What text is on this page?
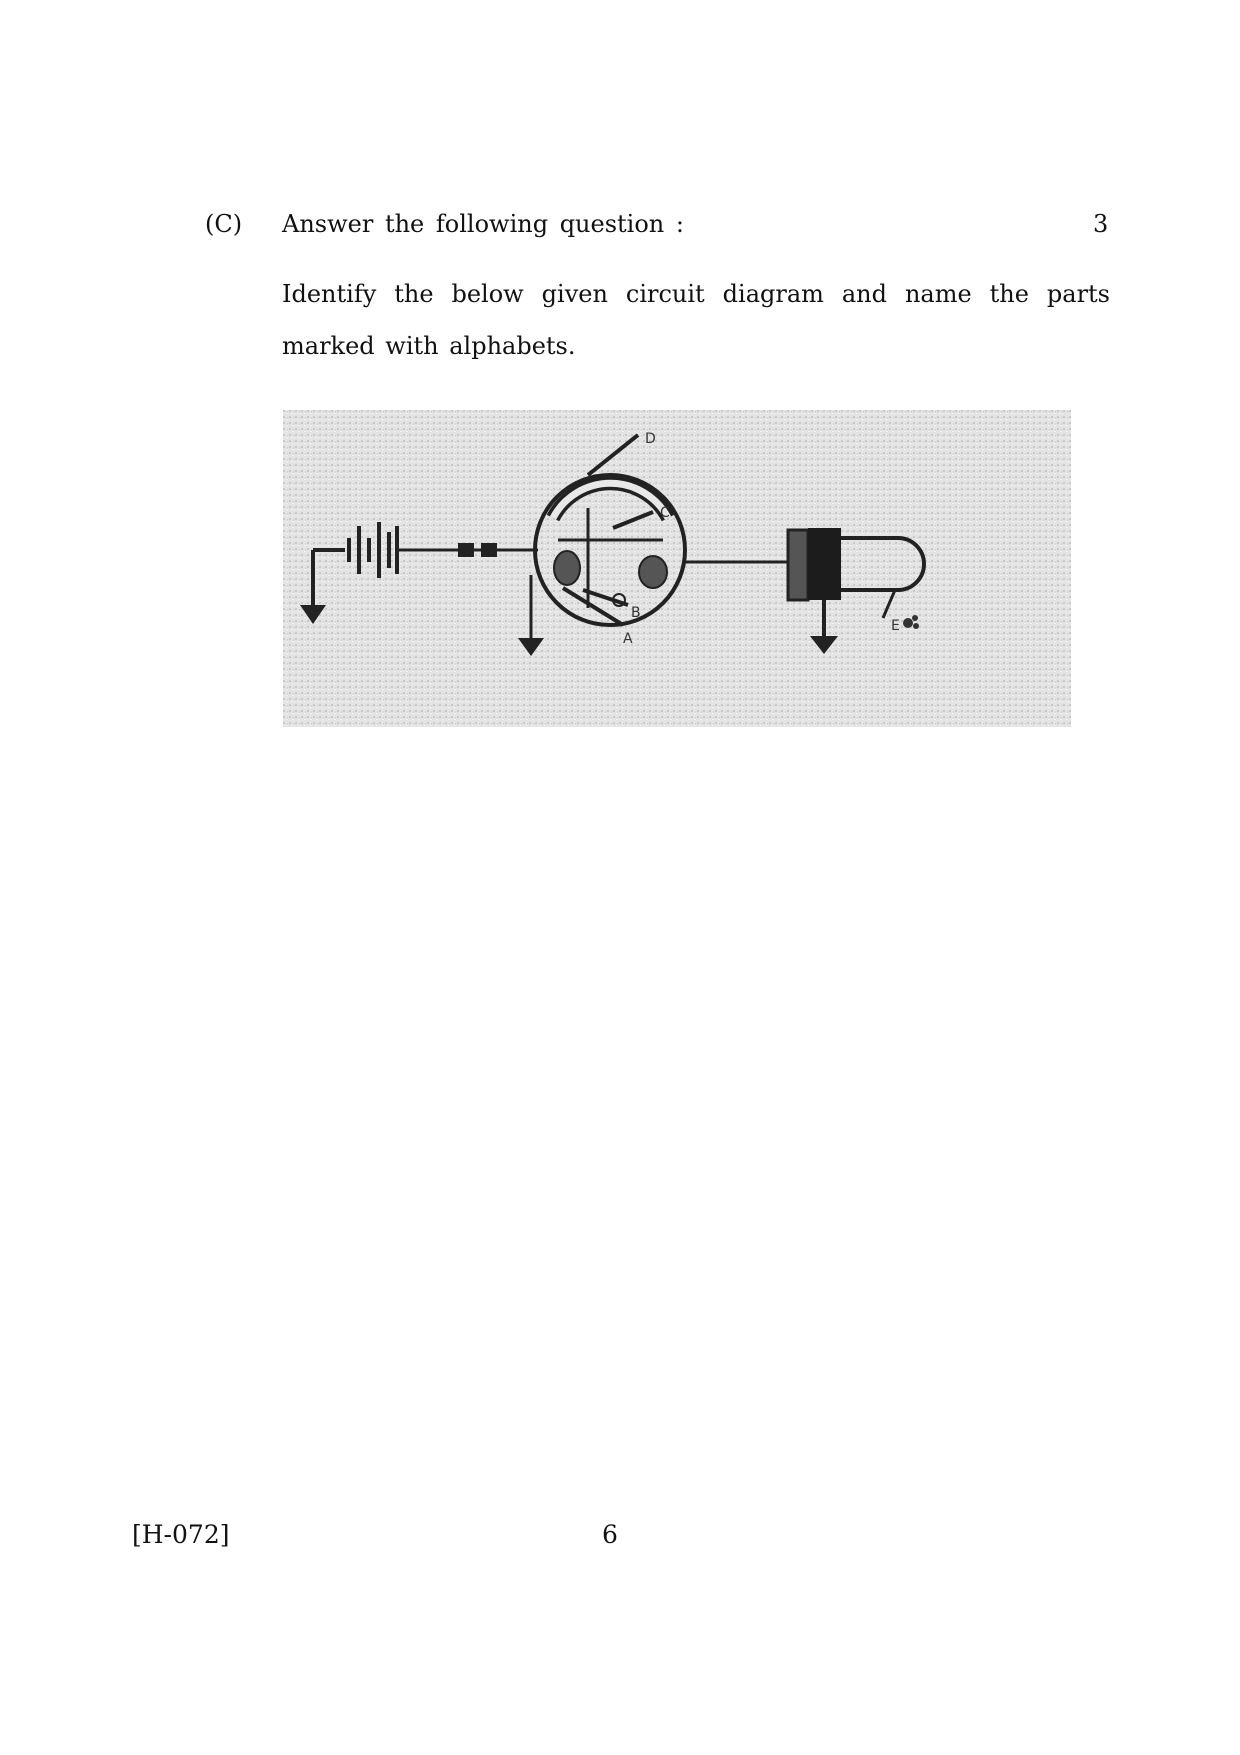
(C) Answer the following question :	3
Identify the below given circuit diagram and name the parts marked with alphabets.
D
C
B
A
E
[H-072]	6
